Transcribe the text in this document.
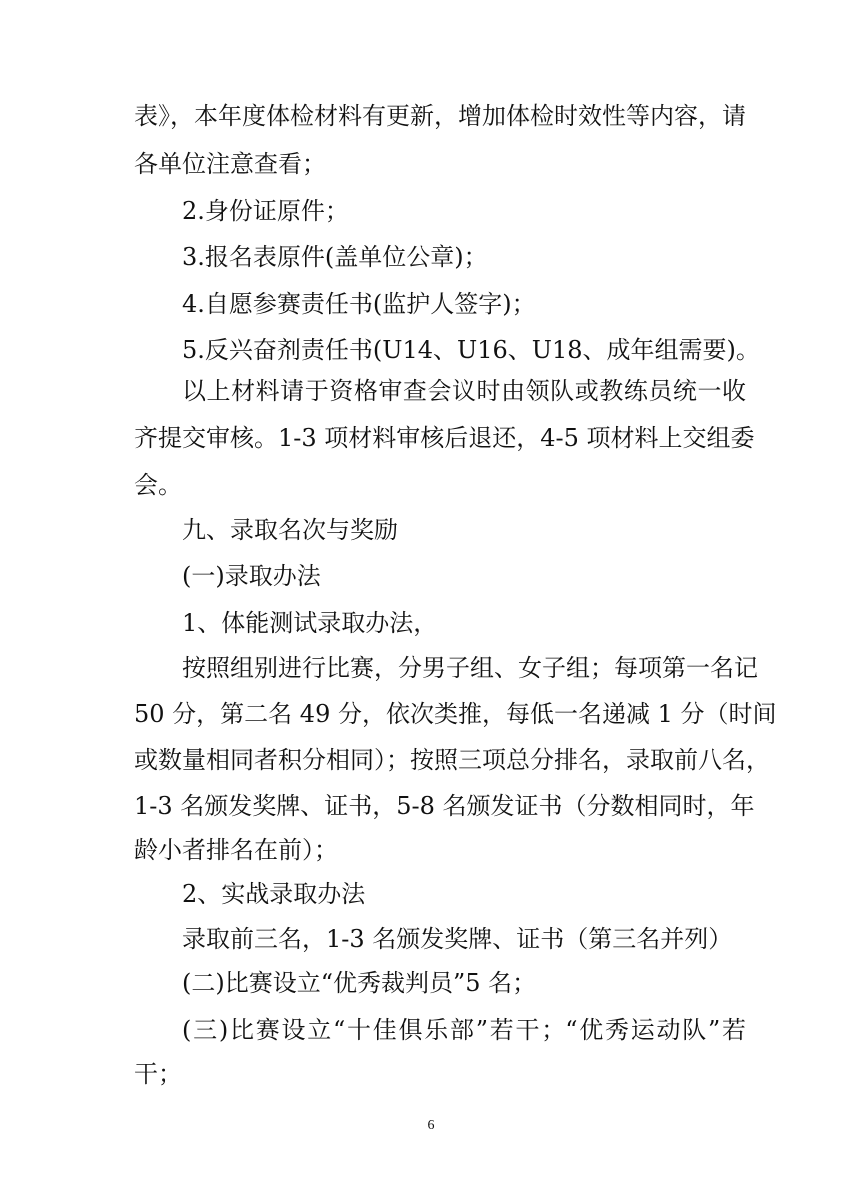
表》，本年度体检材料有更新，增加体检时效性等内容，请
各单位注意查看；
2.身份证原件；
3.报名表原件(盖单位公章)；
4.自愿参赛责任书(监护人签字)；
5.反兴奋剂责任书(U14、U16、U18、成年组需要)。
以上材料请于资格审查会议时由领队或教练员统一收
齐提交审核。1-3 项材料审核后退还，4-5 项材料上交组委
会。
九、录取名次与奖励
(一)录取办法
1、体能测试录取办法，
按照组别进行比赛，分男子组、女子组；每项第一名记
50 分，第二名 49 分，依次类推，每低一名递减 1 分（时间
或数量相同者积分相同）；按照三项总分排名，录取前八名，
1-3 名颁发奖牌、证书，5-8 名颁发证书（分数相同时，年
龄小者排名在前）；
2、实战录取办法
录取前三名，1-3 名颁发奖牌、证书（第三名并列）
(二)比赛设立“优秀裁判员”5 名；
(三)比赛设立“十佳俱乐部”若干；“优秀运动队”若
干；
6
